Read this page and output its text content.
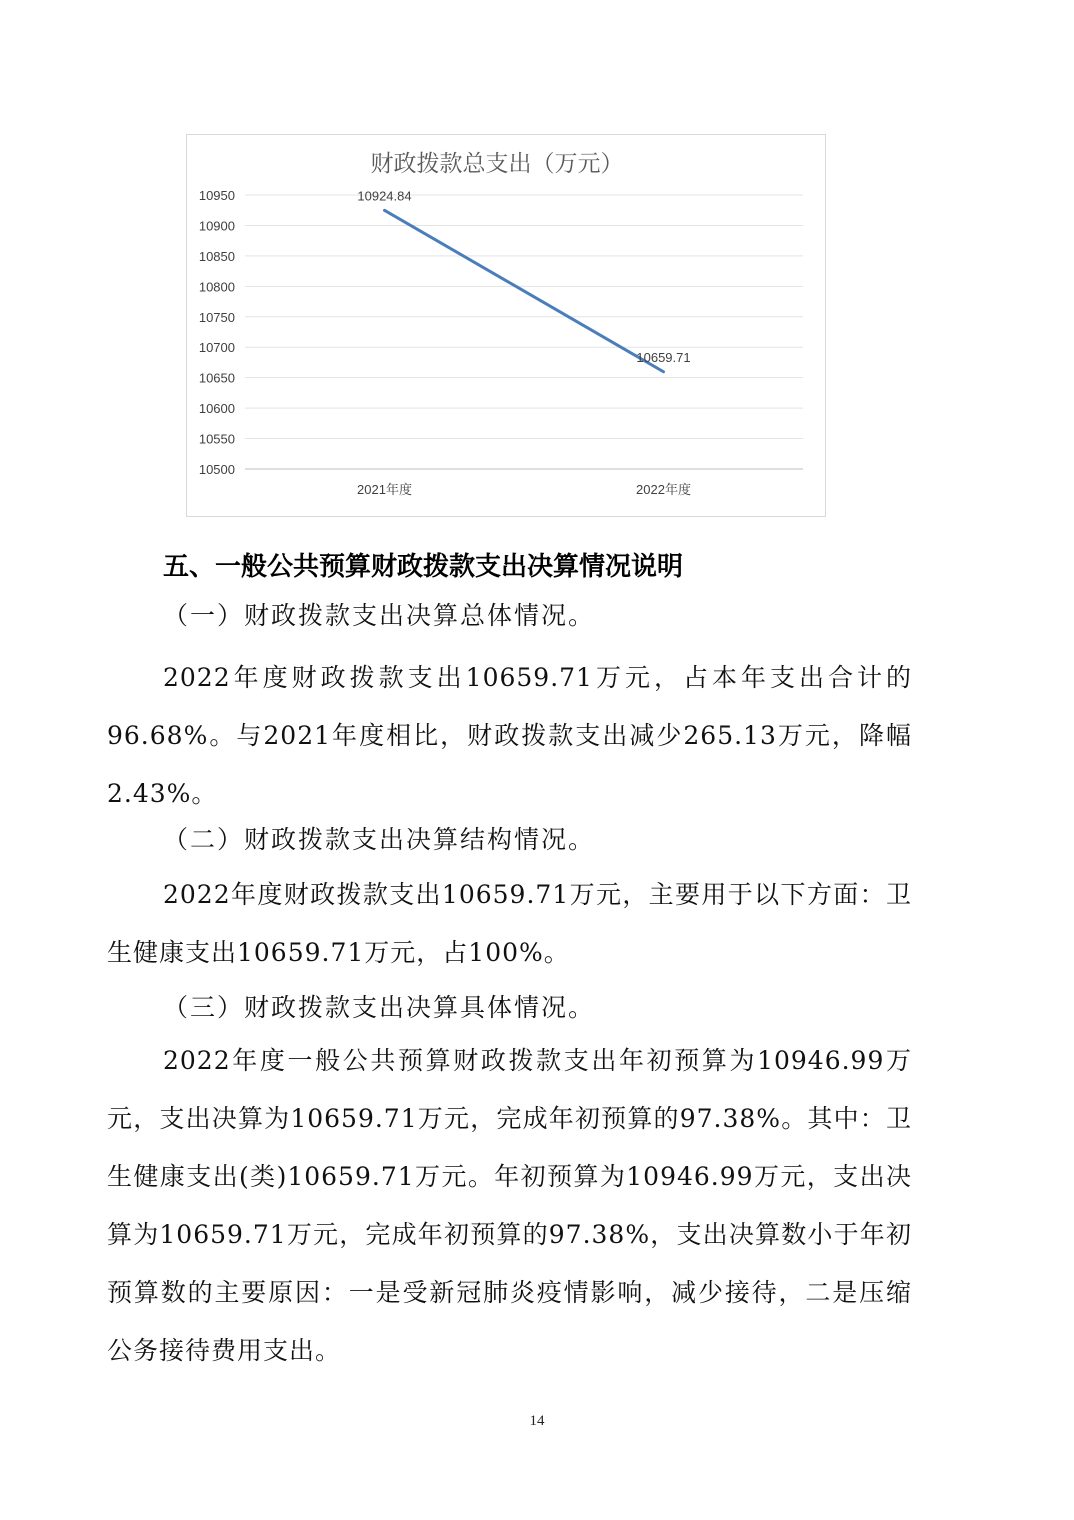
财政拨款总支出（万元）
10500
10550
10600
10650
10700
10750
10800
10850
10900
10950
2021年度	2022年度
10924.84
10659.71
五、一般公共预算财政拨款支出决算情况说明

（一）财政拨款支出决算总体情况。

2022年度财政拨款支出10659.71万元，占本年支出合计的96.68%。与2021年度相比，财政拨款支出减少265.13万元，降幅2.43%。

（二）财政拨款支出决算结构情况。

2022年度财政拨款支出10659.71万元，主要用于以下方面：卫生健康支出10659.71万元，占100%。

（三）财政拨款支出决算具体情况。

2022年度一般公共预算财政拨款支出年初预算为10946.99万元，支出决算为10659.71万元，完成年初预算的97.38%。其中：卫生健康支出(类)10659.71万元。年初预算为10946.99万元，支出决算为10659.71万元，完成年初预算的97.38%，支出决算数小于年初预算数的主要原因：一是受新冠肺炎疫情影响，减少接待，二是压缩公务接待费用支出。

14
